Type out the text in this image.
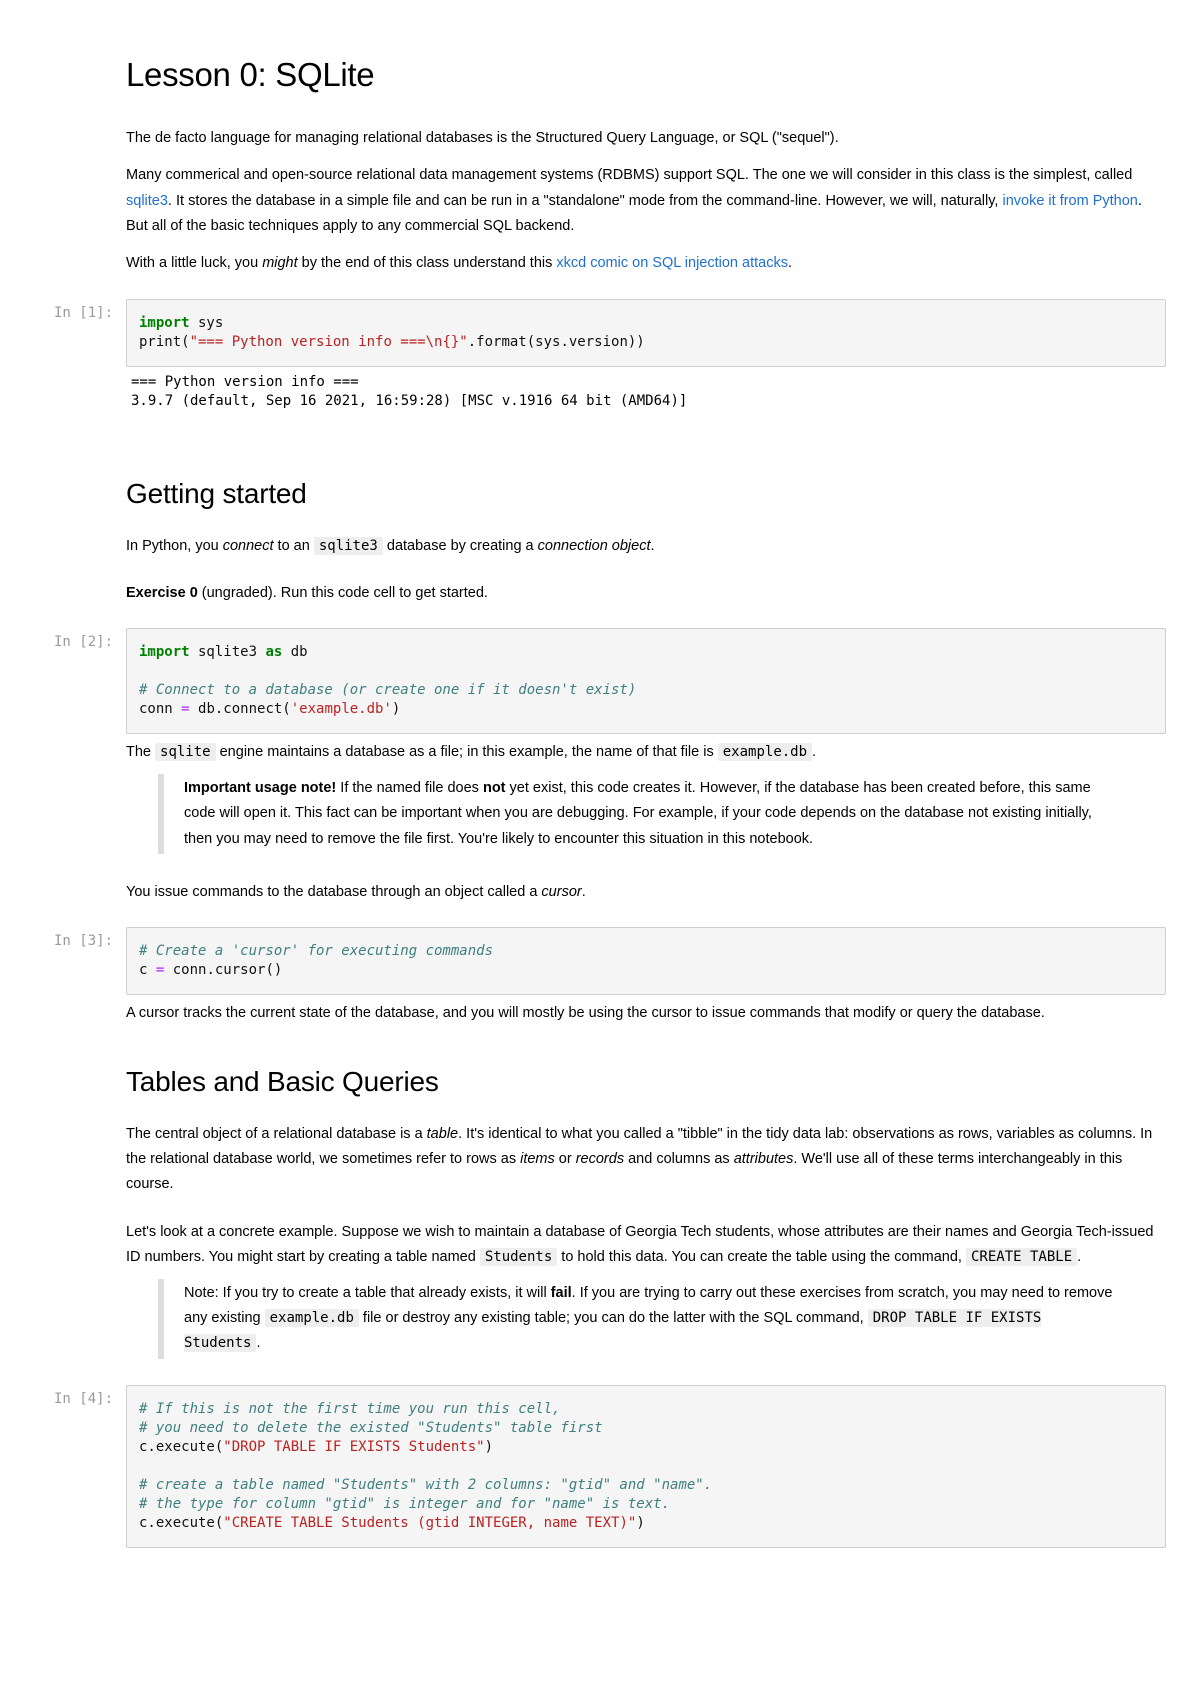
Lesson 0: SQLite

The de facto language for managing relational databases is the Structured Query Language, or SQL ("sequel").

Many commerical and open-source relational data management systems (RDBMS) support SQL. The one we will consider in this class is the simplest, called sqlite3. It stores the database in a simple file and can be run in a "standalone" mode from the command-line. However, we will, naturally, invoke it from Python. But all of the basic techniques apply to any commercial SQL backend.

With a little luck, you might by the end of this class understand this xkcd comic on SQL injection attacks.

In [1]:
import sys
print("=== Python version info ===\n{}".format(sys.version))
=== Python version info ===
3.9.7 (default, Sep 16 2021, 16:59:28) [MSC v.1916 64 bit (AMD64)]
Getting started

In Python, you connect to an sqlite3 database by creating a connection object.

Exercise 0 (ungraded). Run this code cell to get started.

In [2]:
import sqlite3 as db

# Connect to a database (or create one if it doesn't exist)
conn = db.connect('example.db')

The sqlite engine maintains a database as a file; in this example, the name of that file is example.db .

Important usage note! If the named file does not yet exist, this code creates it. However, if the database has been created before, this same code will open it. This fact can be important when you are debugging. For example, if your code depends on the database not existing initially, then you may need to remove the file first. You're likely to encounter this situation in this notebook.

You issue commands to the database through an object called a cursor.

In [3]:
# Create a 'cursor' for executing commands
c = conn.cursor()

A cursor tracks the current state of the database, and you will mostly be using the cursor to issue commands that modify or query the database.

Tables and Basic Queries

The central object of a relational database is a table. It's identical to what you called a "tibble" in the tidy data lab: observations as rows, variables as columns. In the relational database world, we sometimes refer to rows as items or records and columns as attributes. We'll use all of these terms interchangeably in this course.

Let's look at a concrete example. Suppose we wish to maintain a database of Georgia Tech students, whose attributes are their names and Georgia Tech-issued ID numbers. You might start by creating a table named Students to hold this data. You can create the table using the command, CREATE TABLE .

Note: If you try to create a table that already exists, it will fail. If you are trying to carry out these exercises from scratch, you may need to remove any existing example.db file or destroy any existing table; you can do the latter with the SQL command, DROP TABLE IF EXISTS Students .

In [4]:
# If this is not the first time you run this cell,
# you need to delete the existed "Students" table first
c.execute("DROP TABLE IF EXISTS Students")

# create a table named "Students" with 2 columns: "gtid" and "name".
# the type for column "gtid" is integer and for "name" is text.
c.execute("CREATE TABLE Students (gtid INTEGER, name TEXT)")
